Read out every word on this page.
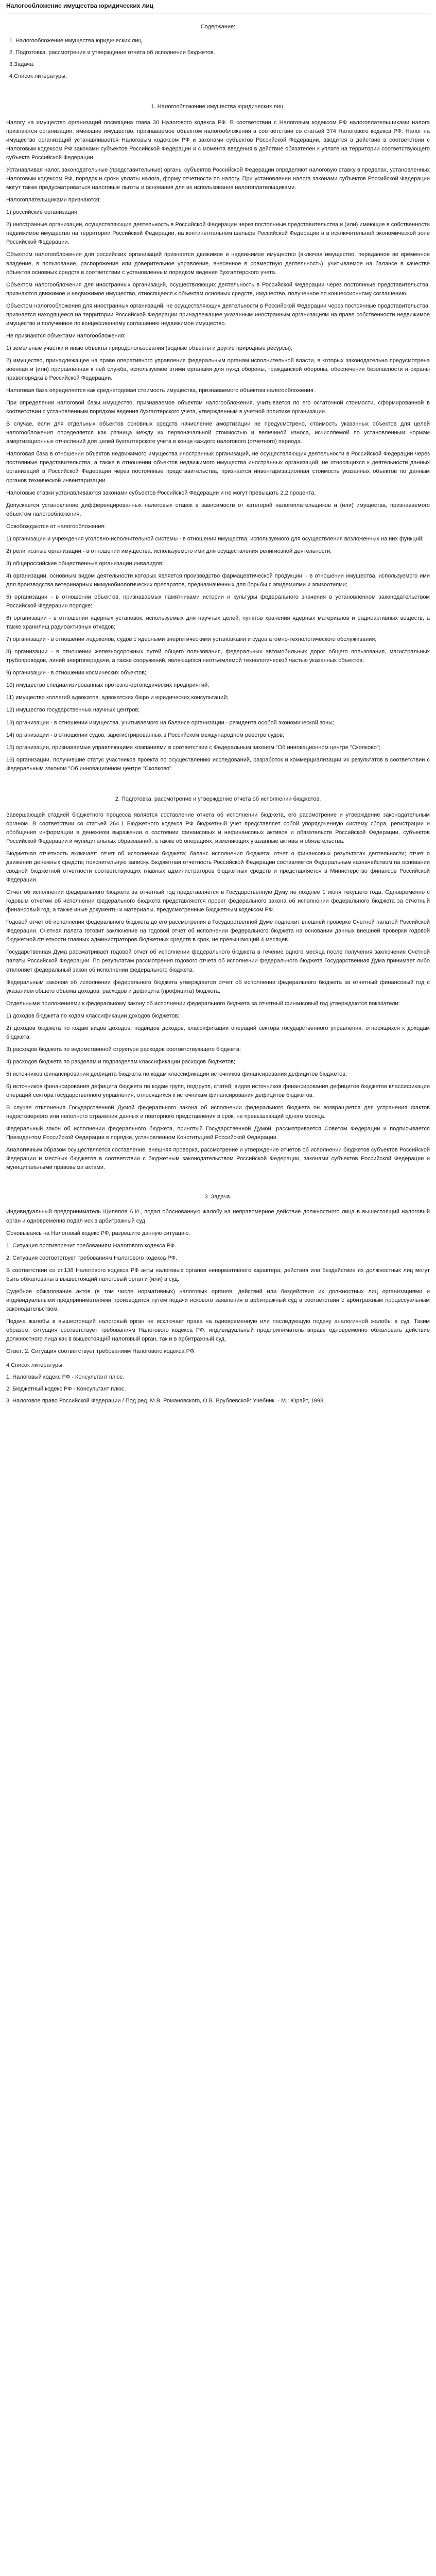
Налогообложение имущества юридических лиц
Содержание:
1. Налогообложение имущества юридических лиц.
2. Подготовка, рассмотрение и утверждение отчета об исполнении бюджетов.
3.Задача.
4.Список литературы.
1. Налогообложение имущества юридических лиц.

Налогу на имущество организаций посвящена глава 30 Налогового кодекса РФ. В соответствии с Налоговым кодексом РФ налогоплательщиками налога признаются организации, имеющие имущество, признаваемое объектом налогообложения в соответствии со статьей 374 Налогового кодекса РФ. Налог на имущество организаций устанавливается Налоговым кодексом РФ и законами субъектов Российской Федерации, вводится в действие в соответствии с Налоговым кодексом РФ законами субъектов Российской Федерации и с момента введения в действие обязателен к уплате на территории соответствующего субъекта Российской Федерации.

Устанавливая налог, законодательные (представительные) органы субъектов Российской Федерации определяют налоговую ставку в пределах, установленных Налоговым кодексом РФ, порядок и сроки уплаты налога, форму отчетности по налогу. При установлении налога законами субъектов Российской Федерации могут также предусматриваться налоговые льготы и основания для их использования налогоплательщиками.

Налогоплательщиками признаются:

1) российские организации;

2) иностранные организации, осуществляющие деятельность в Российской Федерации через постоянные представительства и (или) имеющие в собственности недвижимое имущество на территории Российской Федерации, на континентальном шельфе Российской Федерации и в исключительной экономической зоне Российской Федерации.

Объектом налогообложения для российских организаций признается движимое и недвижимое имущество (включая имущество, переданное во временное владение, в пользование, распоряжение или доверительное управление, внесенное в совместную деятельность), учитываемое на балансе в качестве объектов основных средств в соответствии с установленным порядком ведения бухгалтерского учета.

Объектом налогообложения для иностранных организаций, осуществляющих деятельность в Российской Федерации через постоянные представительства, признаются движимое и недвижимое имущество, относящееся к объектам основных средств, имущество, полученное по концессионному соглашению.

Объектом налогообложения для иностранных организаций, не осуществляющих деятельности в Российской Федерации через постоянные представительства, признается находящееся на территории Российской Федерации принадлежащее указанным иностранным организациям на праве собственности недвижимое имущество и полученное по концессионному соглашению недвижимое имущество.

Не признаются объектами налогообложения:

1) земельные участки и иные объекты природопользования (водные объекты и другие природные ресурсы);

2) имущество, принадлежащее на праве оперативного управления федеральным органам исполнительной власти, в которых законодательно предусмотрена военная и (или) приравненная к ней служба, используемое этими органами для нужд обороны, гражданской обороны, обеспечения безопасности и охраны правопорядка в Российской Федерации.

Налоговая база определяется как среднегодовая стоимость имущества, признаваемого объектом налогообложения.

При определении налоговой базы имущество, признаваемое объектом налогообложения, учитывается по его остаточной стоимости, сформированной в соответствии с установленным порядком ведения бухгалтерского учета, утвержденным в учетной политике организации.

В случае, если для отдельных объектов основных средств начисление амортизации не предусмотрено, стоимость указанных объектов для целей налогообложения определяется как разница между их первоначальной стоимостью и величиной износа, исчисляемой по установленным нормам амортизационных отчислений для целей бухгалтерского учета в конце каждого налогового (отчетного) периода.

Налоговая база в отношении объектов недвижимого имущества иностранных организаций, не осуществляющих деятельности в Российской Федерации через постоянные представительства, а также в отношении объектов недвижимого имущества иностранных организаций, не относящихся к деятельности данных организаций в Российской Федерации через постоянные представительства, признается инвентаризационная стоимость указанных объектов по данным органов технической инвентаризации.

Налоговые ставки устанавливаются законами субъектов Российской Федерации и не могут превышать 2,2 процента.

Допускается установление дифференцированных налоговых ставок в зависимости от категорий налогоплательщиков и (или) имущества, признаваемого объектом налогообложения.

Освобождаются от налогообложения:

1) организации и учреждения уголовно-исполнительной системы - в отношении имущества, используемого для осуществления возложенных на них функций;

2) религиозные организации - в отношении имущества, используемого ими для осуществления религиозной деятельности;

3) общероссийские общественные организации инвалидов;

4) организации, основным видом деятельности которых является производство фармацевтической продукции, - в отношении имущества, используемого ими для производства ветеринарных иммунобиологических препаратов, предназначенных для борьбы с эпидемиями и эпизоотиями;

5) организации - в отношении объектов, признаваемых памятниками истории и культуры федерального значения в установленном законодательством Российской Федерации порядке;

6) организации - в отношении ядерных установок, используемых для научных целей, пунктов хранения ядерных материалов и радиоактивных веществ, а также хранилищ радиоактивных отходов;

7) организации - в отношении ледоколов, судов с ядерными энергетическими установками и судов атомно-технологического обслуживания;

8) организации - в отношении железнодорожных путей общего пользования, федеральных автомобильных дорог общего пользования, магистральных трубопроводов, линий энергопередачи, а также сооружений, являющихся неотъемлемой технологической частью указанных объектов;

9) организации - в отношении космических объектов;

10) имущество специализированных протезно-ортопедических предприятий;

11) имущество коллегий адвокатов, адвокатских бюро и юридических консультаций;

12) имущество государственных научных центров;

13) организации - в отношении имущества, учитываемого на балансе организации - резидента особой экономической зоны;

14) организации - в отношении судов, зарегистрированных в Российском международном реестре судов;

15) организации, признаваемые управляющими компаниями в соответствии с Федеральным законом "Об инновационном центре "Сколково";

16) организации, получившие статус участников проекта по осуществлению исследований, разработок и коммерциализации их результатов в соответствии с Федеральным законом "Об инновационном центре "Сколково".

2. Подготовка, рассмотрение и утверждение отчета об исполнении бюджетов.

Завершающей стадией бюджетного процесса является составление отчета об исполнении бюджета, его рассмотрение и утверждение законодательным органом. В соответствии со статьей 264.1 Бюджетного кодекса РФ бюджетный учет представляет собой упорядоченную систему сбора, регистрации и обобщения информации в денежном выражении о состоянии финансовых и нефинансовых активов и обязательств Российской Федерации, субъектов Российской Федерации и муниципальных образований, а также об операциях, изменяющих указанные активы и обязательства.

Бюджетная отчетность включает: отчет об исполнении бюджета; баланс исполнения бюджета; отчет о финансовых результатах деятельности; отчет о движении денежных средств; пояснительную записку. Бюджетная отчетность Российской Федерации составляется Федеральным казначейством на основании сводной бюджетной отчетности соответствующих главных администраторов бюджетных средств и представляется в Министерство финансов Российской Федерации.

Отчет об исполнении федерального бюджета за отчетный год представляется в Государственную Думу не позднее 1 июня текущего года. Одновременно с годовым отчетом об исполнении федерального бюджета представляются проект федерального закона об исполнении федерального бюджета за отчетный финансовый год, а также иные документы и материалы, предусмотренные Бюджетным кодексом РФ.

Годовой отчет об исполнении федерального бюджета до его рассмотрения в Государственной Думе подлежит внешней проверке Счетной палатой Российской Федерации. Счетная палата готовит заключение на годовой отчет об исполнении федерального бюджета на основании данных внешней проверки годовой бюджетной отчетности главных администраторов бюджетных средств в срок, не превышающий 4 месяцев.

Государственная Дума рассматривает годовой отчет об исполнении федерального бюджета в течение одного месяца после получения заключения Счетной палаты Российской Федерации. По результатам рассмотрения годового отчета об исполнении федерального бюджета Государственная Дума принимает либо отклоняет федеральный закон об исполнении федерального бюджета.

Федеральным законом об исполнении федерального бюджета утверждается отчет об исполнении федерального бюджета за отчетный финансовый год с указанием общего объема доходов, расходов и дефицита (профицита) бюджета.

Отдельными приложениями к федеральному закону об исполнении федерального бюджета за отчетный финансовый год утверждаются показатели:

1) доходов бюджета по кодам классификации доходов бюджетов;

2) доходов бюджета по кодам видов доходов, подвидов доходов, классификации операций сектора государственного управления, относящихся к доходам бюджета;

3) расходов бюджета по ведомственной структуре расходов соответствующего бюджета;

4) расходов бюджета по разделам и подразделам классификации расходов бюджетов;

5) источников финансирования дефицита бюджета по кодам классификации источников финансирования дефицитов бюджетов;

6) источников финансирования дефицита бюджета по кодам групп, подгрупп, статей, видов источников финансирования дефицитов бюджетов классификации операций сектора государственного управления, относящихся к источникам финансирования дефицитов бюджетов.

В случае отклонения Государственной Думой федерального закона об исполнении федерального бюджета он возвращается для устранения фактов недостоверного или неполного отражения данных и повторного представления в срок, не превышающий одного месяца.

Федеральный закон об исполнении федерального бюджета, принятый Государственной Думой, рассматривается Советом Федерации и подписывается Президентом Российской Федерации в порядке, установленном Конституцией Российской Федерации.

Аналогичным образом осуществляется составление, внешняя проверка, рассмотрение и утверждение отчетов об исполнении бюджетов субъектов Российской Федерации и местных бюджетов в соответствии с бюджетным законодательством Российской Федерации, законами субъектов Российской Федерации и муниципальными правовыми актами.

3. Задача.

Индивидуальный предприниматель Щипелов А.И., подал обоснованную жалобу на неправомерное действие должностного лица в вышестоящий налоговый орган и одновременно подал иск в арбитражный суд.

Основываясь на Налоговый кодекс РФ, разрешите данную ситуацию.

1. Ситуация противоречит требованиям Налогового кодекса РФ.

2. Ситуация соответствует требованиям Налогового кодекса РФ.

В соответствии со ст.138 Налогового кодекса РФ акты налоговых органов ненормативного характера, действия или бездействие их должностных лиц могут быть обжалованы в вышестоящий налоговый орган и (или) в суд.

Судебное обжалование актов (в том числе нормативных) налоговых органов, действий или бездействия их должностных лиц организациями и индивидуальными предпринимателями производится путем подачи искового заявления в арбитражный суд в соответствии с арбитражным процессуальным законодательством.

Подача жалобы в вышестоящий налоговый орган не исключает права на одновременную или последующую подачу аналогичной жалобы в суд. Таким образом, ситуация соответствует требованиям Налогового кодекса РФ: индивидуальный предприниматель вправе одновременно обжаловать действие должностного лица как в вышестоящий налоговый орган, так и в арбитражный суд.

Ответ: 2. Ситуация соответствует требованиям Налогового кодекса РФ.

4.Список литературы:

1. Налоговый кодекс РФ - Консультант плюс.

2. Бюджетный кодекс РФ - Консультант плюс.

3. Налоговое право Российской Федерации / Под ред. М.В. Романовского, О.В. Врублевской: Учебник. - М.: Юрайт, 1998.
